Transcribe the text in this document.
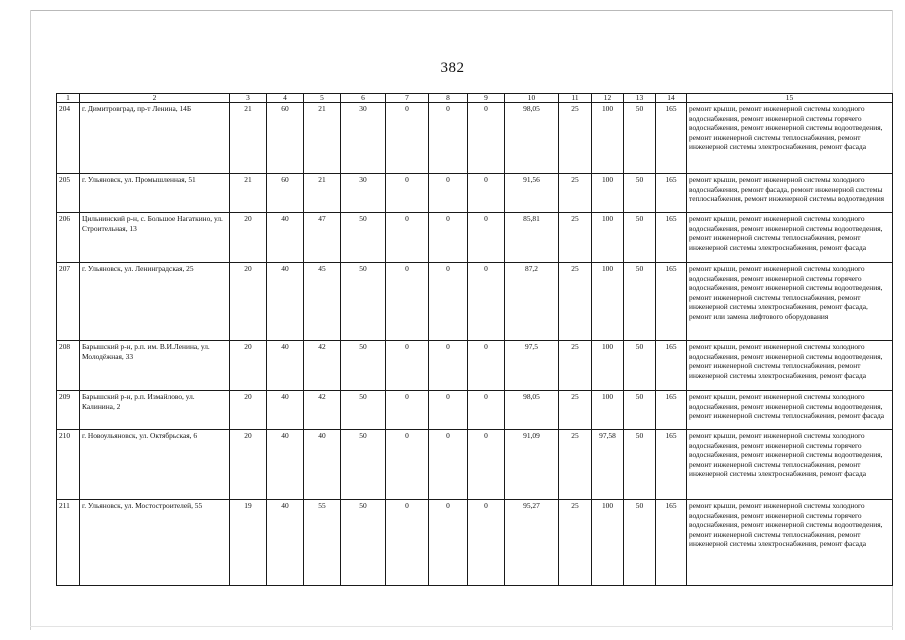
382
1	2	3	4	5	6	7	8	9	10	11	12	13	14	15
204	г. Димитровград, пр-т Ленина, 14Б	21	60	21	30	0	0	0	98,05	25	100	50	165	ремонт крыши, ремонт инженерной системы холодного водоснабжения, ремонт инженерной системы горячего водоснабжения, ремонт инженерной системы водоотведения, ремонт инженерной системы теплоснабжения, ремонт инженерной системы электроснабжения, ремонт фасада
205	г. Ульяновск, ул. Промышленная, 51	21	60	21	30	0	0	0	91,56	25	100	50	165	ремонт крыши, ремонт инженерной системы холодного водоснабжения, ремонт фасада, ремонт инженерной системы теплоснабжения, ремонт инженерной системы водоотведения
206	Цильнинский р-н, с. Большое Нагаткино, ул. Строительная, 13	20	40	47	50	0	0	0	85,81	25	100	50	165	ремонт крыши, ремонт инженерной системы холодного водоснабжения, ремонт инженерной системы водоотведения, ремонт инженерной системы теплоснабжения, ремонт инженерной системы электроснабжения, ремонт фасада
207	г. Ульяновск, ул. Ленинградская, 25	20	40	45	50	0	0	0	87,2	25	100	50	165	ремонт крыши, ремонт инженерной системы холодного водоснабжения, ремонт инженерной системы горячего водоснабжения, ремонт инженерной системы водоотведения, ремонт инженерной системы теплоснабжения, ремонт инженерной системы электроснабжения, ремонт фасада, ремонт или замена лифтового оборудования
208	Барышский р-н, р.п. им. В.И.Ленина, ул. Молодёжная, 33	20	40	42	50	0	0	0	97,5	25	100	50	165	ремонт крыши, ремонт инженерной системы холодного водоснабжения, ремонт инженерной системы водоотведения, ремонт инженерной системы теплоснабжения, ремонт инженерной системы электроснабжения, ремонт фасада
209	Барышский р-н, р.п. Измайлово, ул. Калинина, 2	20	40	42	50	0	0	0	98,05	25	100	50	165	ремонт крыши, ремонт инженерной системы холодного водоснабжения, ремонт инженерной системы водоотведения, ремонт инженерной системы теплоснабжения, ремонт фасада
210	г. Новоульяновск, ул. Октябрьская, 6	20	40	40	50	0	0	0	91,09	25	97,58	50	165	ремонт крыши, ремонт инженерной системы холодного водоснабжения, ремонт инженерной системы горячего водоснабжения, ремонт инженерной системы водоотведения, ремонт инженерной системы теплоснабжения, ремонт инженерной системы электроснабжения, ремонт фасада
211	г. Ульяновск, ул. Мостостроителей, 55	19	40	55	50	0	0	0	95,27	25	100	50	165	ремонт крыши, ремонт инженерной системы холодного водоснабжения, ремонт инженерной системы горячего водоснабжения, ремонт инженерной системы водоотведения, ремонт инженерной системы теплоснабжения, ремонт инженерной системы электроснабжения, ремонт фасада
